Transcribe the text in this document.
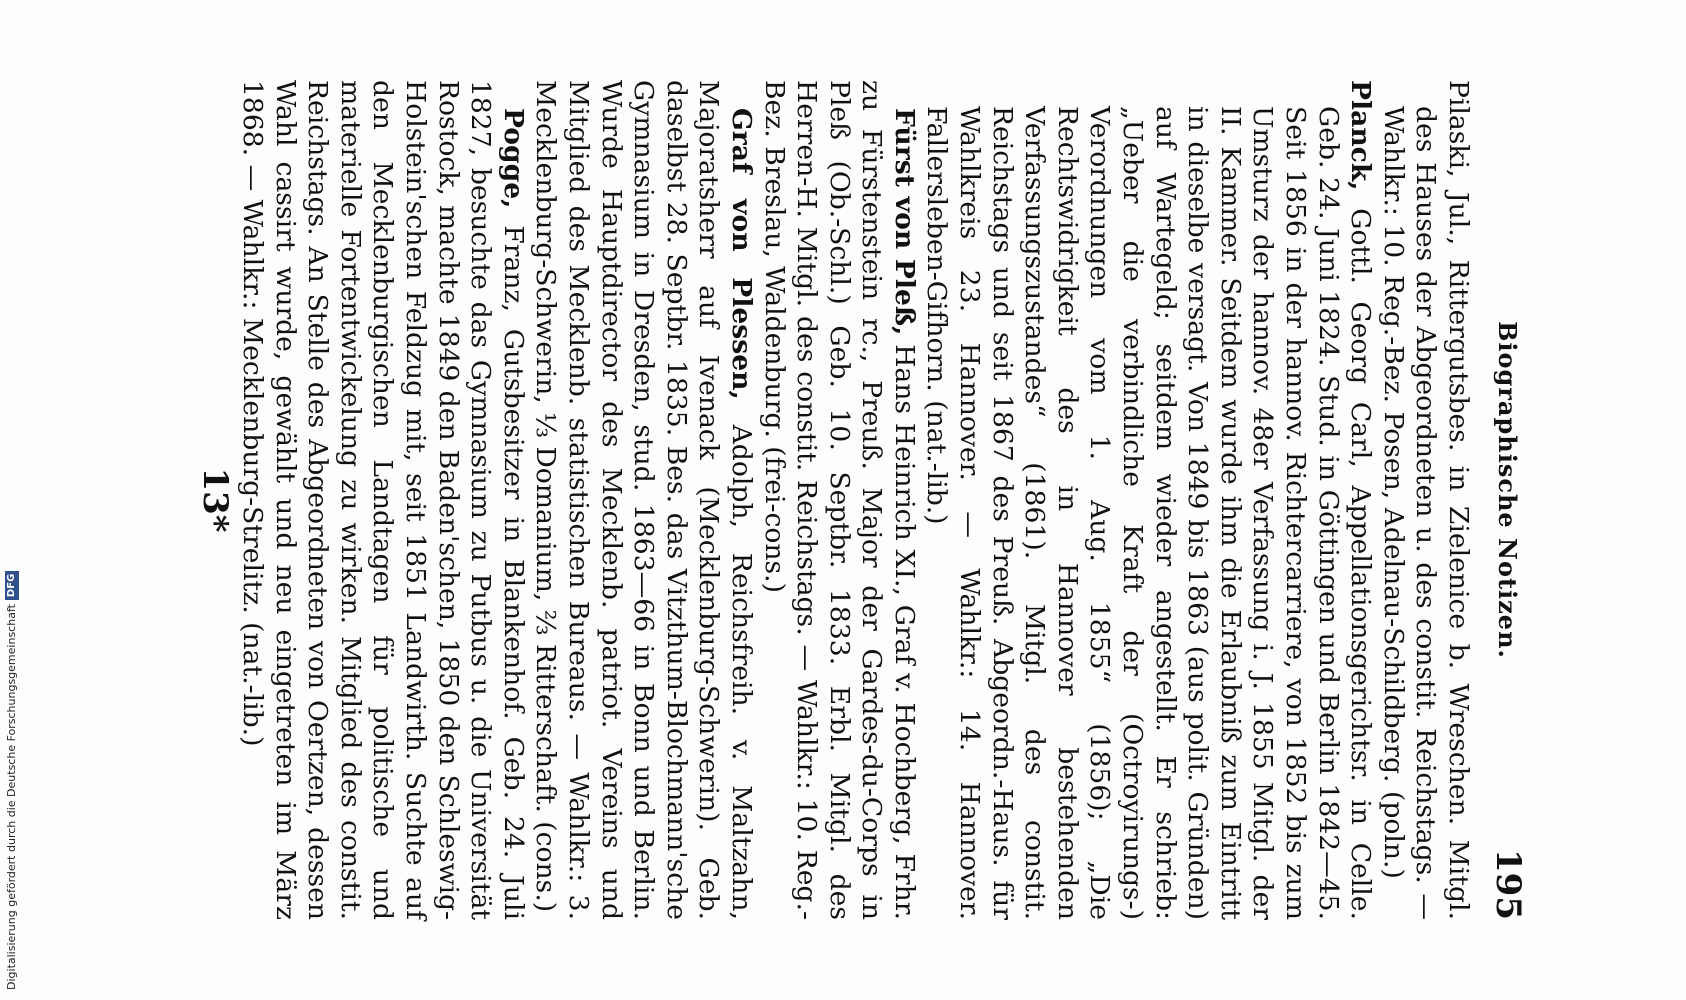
Biographische Notizen.
195

Pilaski, Jul., Rittergutsbes. in Zielenice b. Wreschen. Mitgl. des Hauses der Abgeordneten u. des constit. Reichstags. — Wahlkr.: 10. Reg.-Bez. Posen, Adelnau-Schildberg. (poln.)

Planck, Gottl. Georg Carl, Appellationsgerichtsr. in Celle. Geb. 24. Juni 1824. Stud. in Göttingen und Berlin 1842—45. Seit 1856 in der hannov. Richtercarriere, von 1852 bis zum Umsturz der hannov. 48er Verfassung i. J. 1855 Mitgl. der II. Kammer. Seitdem wurde ihm die Erlaubniß zum Eintritt in dieselbe versagt. Von 1849 bis 1863 (aus polit. Gründen) auf Wartegeld; seitdem wieder angestellt. Er schrieb: „Ueber die verbindliche Kraft der (Octroyirungs-) Verordnungen vom 1. Aug. 1855“ (1856); „Die Rechtswidrigkeit des in Hannover bestehenden Verfassungszustandes“ (1861). Mitgl. des constit. Reichstags und seit 1867 des Preuß. Abgeordn.-Haus. für Wahlkreis 23. Hannover. — Wahlkr.: 14. Hannover. Fallersleben-Gifhorn. (nat.-lib.)

Fürst von Pleß, Hans Heinrich XI., Graf v. Hochberg, Frhr. zu Fürstenstein rc., Preuß. Major der Gardes-du-Corps in Pleß (Ob.-Schl.) Geb. 10. Septbr. 1833. Erbl. Mitgl. des Herren-H. Mitgl. des constit. Reichstags. — Wahlkr.: 10. Reg.-Bez. Breslau, Waldenburg. (frei-cons.)

Graf von Plessen, Adolph, Reichsfreih. v. Maltzahn, Majoratsherr auf Ivenack (Mecklenburg-Schwerin). Geb. daselbst 28. Septbr. 1835. Bes. das Vitzthum-Blochmann'sche Gymnasium in Dresden, stud. 1863—66 in Bonn und Berlin. Wurde Hauptdirector des Mecklenb. patriot. Vereins und Mitglied des Mecklenb. statistischen Bureaus. — Wahlkr.: 3. Mecklenburg-Schwerin, ⅓ Domanium, ⅔ Ritterschaft. (cons.)

Pogge, Franz, Gutsbesitzer in Blankenhof. Geb. 24. Juli 1827, besuchte das Gymnasium zu Putbus u. die Universität Rostock, machte 1849 den Baden'schen, 1850 den Schleswig-Holstein'schen Feldzug mit, seit 1851 Landwirth. Suchte auf den Mecklenburgischen Landtagen für politische und materielle Fortentwickelung zu wirken. Mitglied des constit. Reichstags. An Stelle des Abgeordneten von Oertzen, dessen Wahl cassirt wurde, gewählt und neu eingetreten im März 1868. — Wahlkr.: Mecklenburg-Strelitz. (nat.-lib.)

13*
Digitalisierung gefördert durch die Deutsche ForschungsgemeinschaftDFG
